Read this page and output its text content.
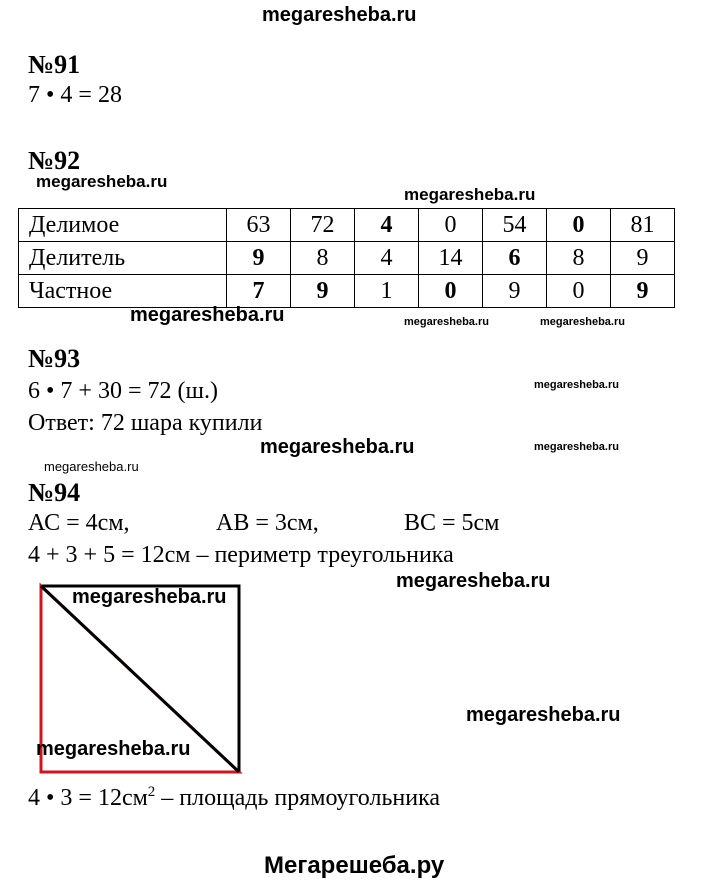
megaresheba.ru
№91
7 • 4 = 28
№92
megaresheba.ru
megaresheba.ru
Делимое	63	72	4	0	54	0	81
Делитель	9	8	4	14	6	8	9
Частное	7	9	1	0	9	0	9
megaresheba.ru	megaresheba.ru	megaresheba.ru
№93
6 • 7 + 30 = 72 (ш.)	megaresheba.ru
Ответ: 72 шара купили
megaresheba.ru	megaresheba.ru
megaresheba.ru
№94
АС = 4см,	АВ = 3см,	ВС = 5см
4 + 3 + 5 = 12см – периметр треугольника
megaresheba.ru
megaresheba.ru
megaresheba.ru
megaresheba.ru
4 • $3 = 12см^2$ – площадь прямоугольника
Мегарешеба.ру
